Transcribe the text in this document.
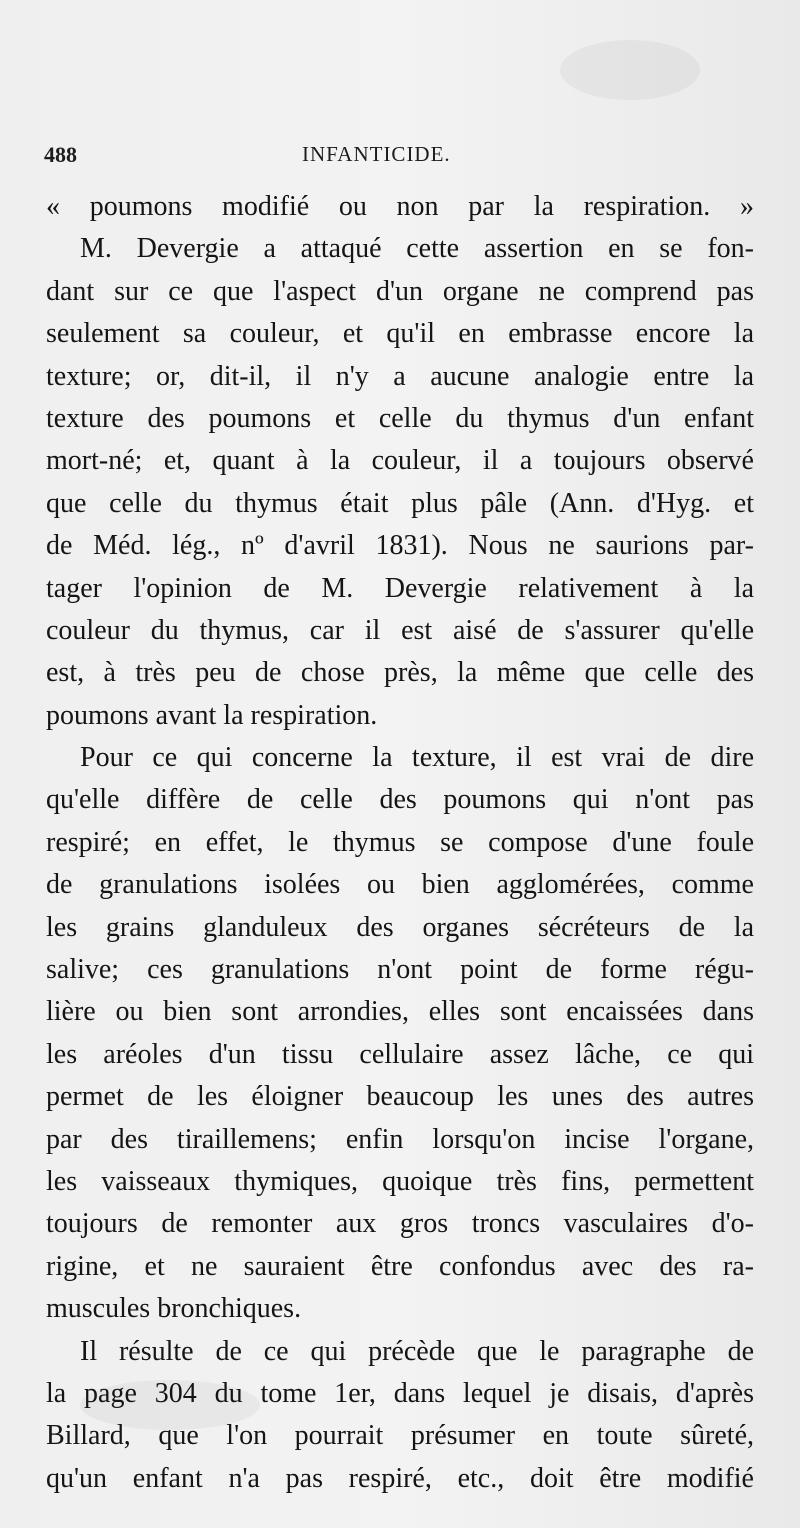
488	INFANTICIDE.
« poumons modifié ou non par la respiration. »
M. Devergie a attaqué cette assertion en se fon-
dant sur ce que l'aspect d'un organe ne comprend pas
seulement sa couleur, et qu'il en embrasse encore la
texture; or, dit-il, il n'y a aucune analogie entre la
texture des poumons et celle du thymus d'un enfant
mort-né; et, quant à la couleur, il a toujours observé
que celle du thymus était plus pâle (Ann. d'Hyg. et
de Méd. lég., nº d'avril 1831). Nous ne saurions par-
tager l'opinion de M. Devergie relativement à la
couleur du thymus, car il est aisé de s'assurer qu'elle
est, à très peu de chose près, la même que celle des
poumons avant la respiration.
Pour ce qui concerne la texture, il est vrai de dire
qu'elle diffère de celle des poumons qui n'ont pas
respiré; en effet, le thymus se compose d'une foule
de granulations isolées ou bien agglomérées, comme
les grains glanduleux des organes sécréteurs de la
salive; ces granulations n'ont point de forme régu-
lière ou bien sont arrondies, elles sont encaissées dans
les aréoles d'un tissu cellulaire assez lâche, ce qui
permet de les éloigner beaucoup les unes des autres
par des tiraillemens; enfin lorsqu'on incise l'organe,
les vaisseaux thymiques, quoique très fins, permettent
toujours de remonter aux gros troncs vasculaires d'o-
rigine, et ne sauraient être confondus avec des ra-
muscules bronchiques.
Il résulte de ce qui précède que le paragraphe de
la page 304 du tome 1er, dans lequel je disais, d'après
Billard, que l'on pourrait présumer en toute sûreté,
qu'un enfant n'a pas respiré, etc., doit être modifié
